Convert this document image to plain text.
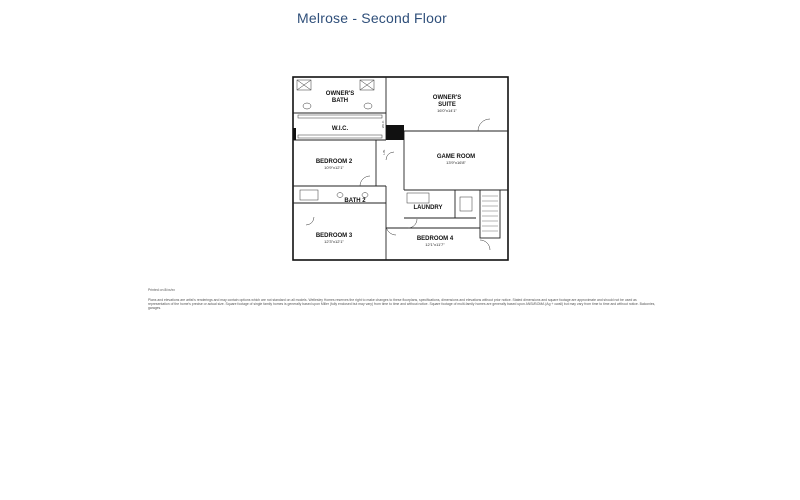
Melrose - Second Floor
OWNER'S
BATH	OWNER'S
SUITE
16'0"x14'1"
W.I.C.
BEDROOM 2
10'9"x12'1"
GAME ROOM
13'9"x16'8"
BATH 2
LAUNDRY
BEDROOM 3
12'3"x12'1"	BEDROOM 4
12'1"x11'7"
LIN.
W.I.C.
Printed on 8/xx/xx
Plans and elevations are artist's renderings and may contain options which are not standard on all models. Wellesley Homes reserves the right to make changes to these floorplans, specifications, dimensions and elevations without prior notice. Stated dimensions and square footage are approximate and should not be used as representation of the home's precise or actual size. Square footage of single family homes is generally based upon Miller (fully enclosed but may vary) from time to time and without notice. Square footage of multi-family homes are generally based upon ANSI/BOMA (Ag + cwall) but may vary from time to time and without notice. Balconies, garages.
